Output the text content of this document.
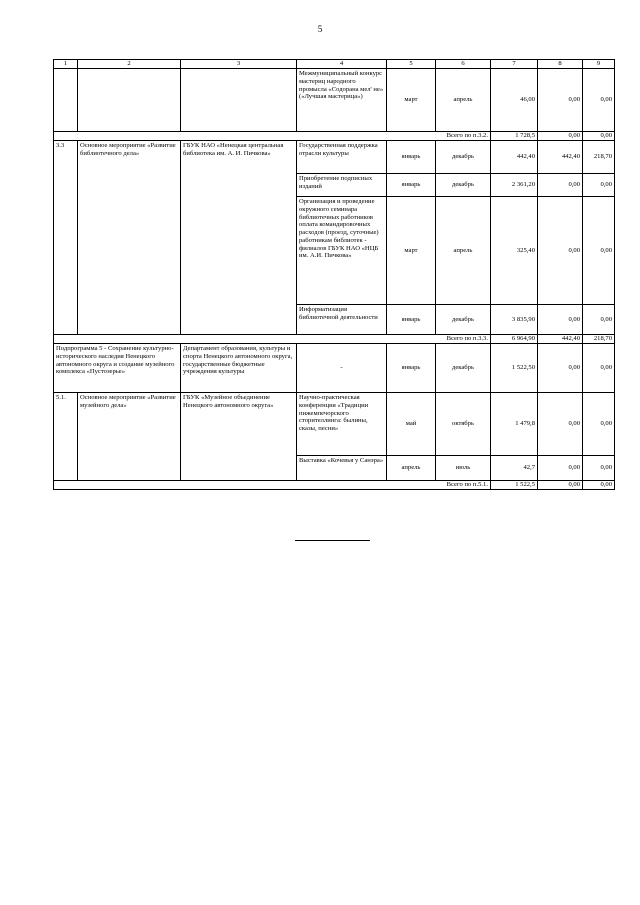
5
1	2	3	4	5	6	7	8	9
			Межмуниципальный конкурс мастериц народного промысла «Содорана мел' не» («Лучшая мастерица»)	март	апрель	46,00	0,00	0,00
Всего по п.3.2.						1 728,5	0,00	0,00
3.3	Основное мероприятие «Развитие библиотечного дела»	ГБУК НАО «Ненецкая центральная библиотека им. А. И. Пичкова»	Государственная поддержка отрасли культуры	январь	декабрь	442,40	442,40	218,70
			Приобретение подписных изданий	январь	декабрь	2 361,20	0,00	0,00
			Организация и проведение окружного семинара библиотечных работников оплата командировочных расходов (проезд, суточные) работникам библиотек - филиалов ГБУК НАО «НЦБ им. А.И. Пичкова»	март	апрель	325,40	0,00	0,00
			Информатизация библиотечной деятельности	январь	декабрь	3 835,90	0,00	0,00
Всего по п.3.3.						6 964,90	442,40	218,70
Подпрограмма 5 - Сохранение культурно-исторического наследия Ненецкого автономного округа и создание музейного комплекса «Пустозерье»		Департамент образования, культуры и спорта Ненецкого автономного округа, государственные бюджетные учреждения культуры	-	январь	декабрь	1 522,50	0,00	0,00
5.1.	Основное мероприятие «Развитие музейного дела»	ГБУК «Музейное объединение Ненецкого автономного округа»	Научно-практическая конференция «Традиции пижемпечорского сторителлинга: былины, сказы, песни»	май	октябрь	1 479,8	0,00	0,00
			Выставка «Кочевья у Санэра»	апрель	июль	42,7	0,00	0,00
Всего по п.5.1.						1 522,5	0,00	0,00
